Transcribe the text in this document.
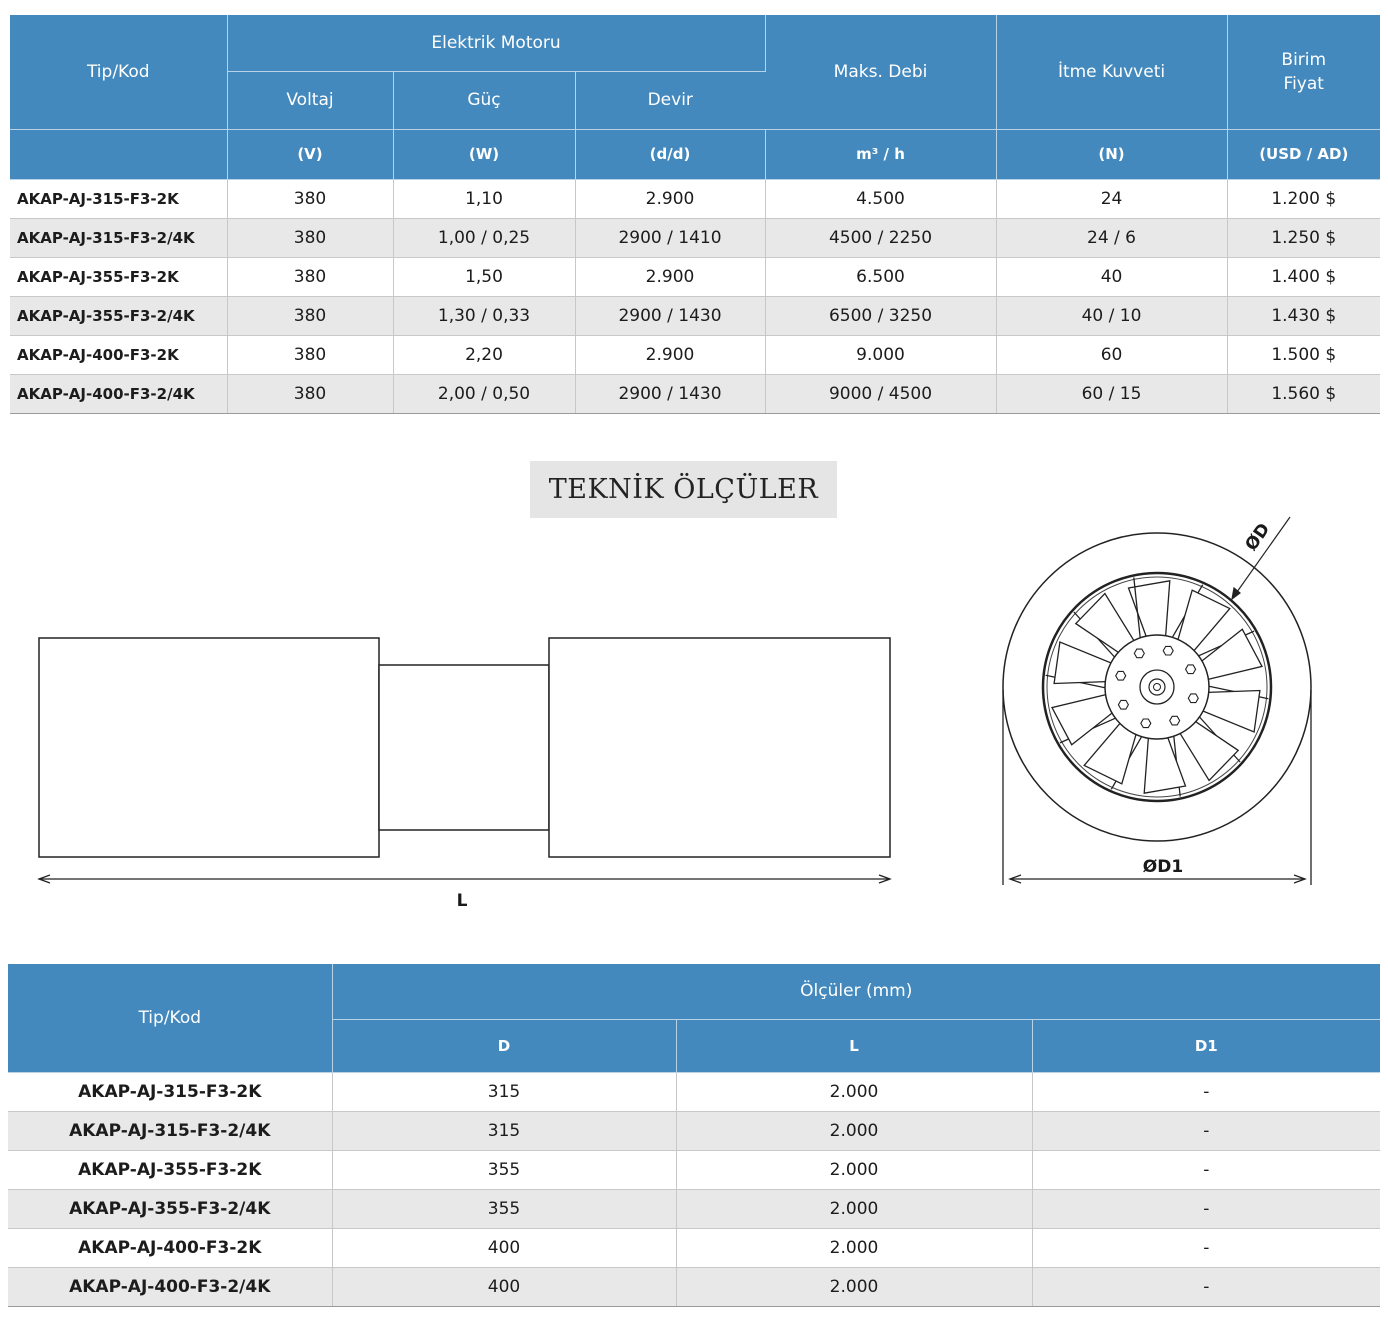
Tip/Kod	Elektrik Motoru			Maks. Debi	İtme Kuvveti	Birim
Fiyat

	Voltaj	Güç	Devir			
	(V)	(W)	(d/d)	m³ / h	(N)	(USD / AD)
AKAP-AJ-315-F3-2K	380	1,10	2.900	4.500	24	1.200 $
AKAP-AJ-315-F3-2/4K	380	1,00 / 0,25	2900 / 1410	4500 / 2250	24 / 6	1.250 $
AKAP-AJ-355-F3-2K	380	1,50	2.900	6.500	40	1.400 $
AKAP-AJ-355-F3-2/4K	380	1,30 / 0,33	2900 / 1430	6500 / 3250	40 / 10	1.430 $
AKAP-AJ-400-F3-2K	380	2,20	2.900	9.000	60	1.500 $
AKAP-AJ-400-F3-2/4K	380	2,00 / 0,50	2900 / 1430	9000 / 4500	60 / 15	1.560 $
TEKNİK ÖLÇÜLER
L
ØD1
ØD
Tip/Kod	Ölçüler (mm)		
	D	L	D1
AKAP-AJ-315-F3-2K	315	2.000	-
AKAP-AJ-315-F3-2/4K	315	2.000	-
AKAP-AJ-355-F3-2K	355	2.000	-
AKAP-AJ-355-F3-2/4K	355	2.000	-
AKAP-AJ-400-F3-2K	400	2.000	-
AKAP-AJ-400-F3-2/4K	400	2.000	-
